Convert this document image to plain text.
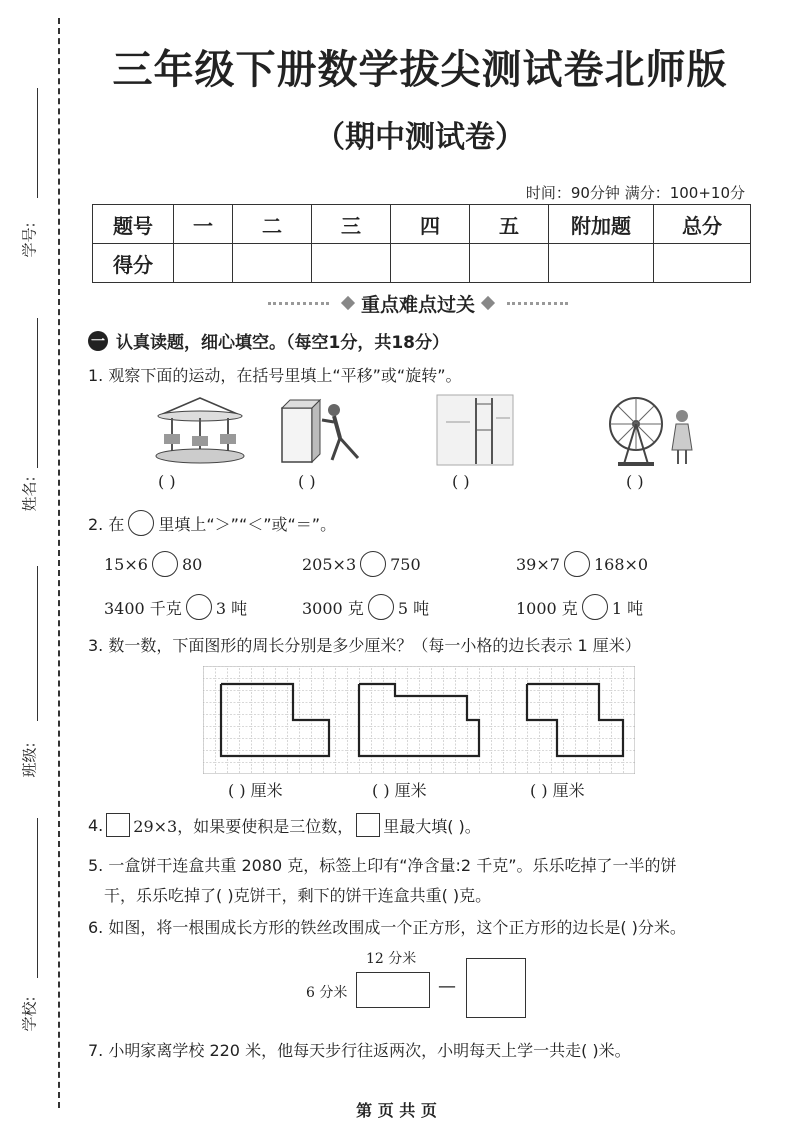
学号:
姓名:
班级:
学校:
三年级下册数学拔尖测试卷北师版
（期中测试卷）
时间：90分钟 满分：100+10分
题号	一	二	三	四	五	附加题	总分
得分							
重点难点过关
一 认真读题，细心填空。（每空1分，共18分）
1. 观察下面的运动，在括号里填上“平移”或“旋转”。
( )	( )	( )	( )
2. 在 里填上“＞”“＜”或“＝”。
15×6 80	205×3 750	39×7 168×0
3400 千克 3 吨	3000 克 5 吨	1000 克 1 吨
3. 数一数，下面图形的周长分别是多少厘米？（每一小格的边长表示 1 厘米）
( ) 厘米	( ) 厘米	( ) 厘米
4. 29×3，如果要使积是三位数， 里最大填( )。
5. 一盒饼干连盒共重 2080 克，标签上印有“净含量:2 千克”。乐乐吃掉了一半的饼
干，乐乐吃掉了( )克饼干，剩下的饼干连盒共重( )克。
6. 如图，将一根围成长方形的铁丝改围成一个正方形，这个正方形的边长是( )分米。
12 分米
6 分米	—
7. 小明家离学校 220 米，他每天步行往返两次，小明每天上学一共走( )米。
第 页 共 页
